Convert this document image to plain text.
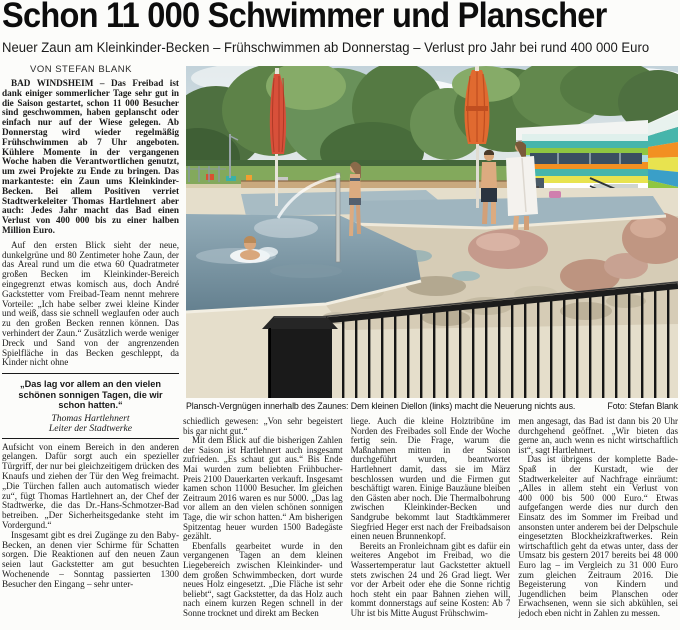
Schon 11 000 Schwimmer und Planscher
Neuer Zaun am Kleinkinder-Becken – Frühschwimmen ab Donnerstag – Verlust pro Jahr bei rund 400 000 Euro
VON STEFAN BLANK

BAD WINDSHEIM – Das Freibad ist dank einiger sommerlicher Tage sehr gut in die Saison gestartet, schon 11 000 Besucher sind geschwommen, haben geplanscht oder einfach nur auf der Wiese gelegen. Ab Donnerstag wird wieder regelmäßig Frühschwimmen ab 7 Uhr angeboten. Kühlere Momente in der vergangenen Woche haben die Verantwortlichen genutzt, um zwei Projekte zu Ende zu bringen. Das markanteste: ein Zaun ums Kleinkinder-Becken. Bei allem Positiven verriet Stadtwerkeleiter Thomas Hartlehnert aber auch: Jedes Jahr macht das Bad einen Verlust von 400 000 bis zu einer halben Million Euro.

Auf den ersten Blick sieht der neue, dunkelgrüne und 80 Zentimeter hohe Zaun, der das Areal rund um die etwa 60 Quadratmeter großen Becken im Kleinkinder-Bereich eingegrenzt etwas komisch aus, doch André Gackstetter vom Freibad-Team nennt mehrere Vorteile: „Ich habe selber zwei kleine Kinder und weiß, dass sie schnell weglaufen oder auch zu den großen Becken rennen können. Das verhindert der Zaun.“ Zusätzlich werde weniger Dreck und Sand von der angrenzenden Spielfläche in das Becken geschleppt, da Kinder nicht ohne

„Das lag vor allem an den vielen schönen sonnigen Tagen, die wir schon hatten.“
Thomas Hartlehnert
Leiter der Stadtwerke

Aufsicht von einem Bereich in den anderen gelangen. Dafür sorgt auch ein spezieller Türgriff, der nur bei gleichzeitigem drücken des Knaufs und ziehen der Tür den Weg freimacht. „Die Türchen fallen auch automatisch wieder zu“, fügt Thomas Hartlehnert an, der Chef der Stadtwerke, die das Dr.-Hans-Schmotzer-Bad betreiben. „Der Sicherheitsgedanke steht im Vordergund.“

Insgesamt gibt es drei Zugänge zu den Baby-Becken, an denen vier Schirme für Schatten sorgen. Die Reaktionen auf den neuen Zaun seien laut Gackstetter am gut besuchten Wochenende – Sonntag passierten 1300 Besucher den Eingang – sehr unter-

Plansch-Vergnügen innerhalb des Zaunes: Dem kleinen Diellon (links) macht die Neuerung nichts aus.	Foto: Stefan Blank

schiedlich gewesen: „Von sehr begeistert bis gar nicht gut.“

Mit dem Blick auf die bisherigen Zahlen der Saison ist Hartlehnert auch insgesamt zufrieden. „Es schaut gut aus.“ Bis Ende Mai wurden zum beliebten Frühbucher-Preis 2100 Dauerkarten verkauft. Insgesamt kamen schon 11000 Besucher. Im gleichen Zeitraum 2016 waren es nur 5000. „Das lag vor allem an den vielen schönen sonnigen Tage, die wir schon hatten.“ Am bisherigen Spitzentag heuer wurden 1500 Badegäste gezählt.

Ebenfalls gearbeitet wurde in den vergangenen Tagen an dem kleinen Liegebereich zwischen Kleinkinder- und dem großen Schwimmbecken, dort wurde neues Holz eingesetzt. „Die Fläche ist sehr beliebt“, sagt Gackstetter, da das Holz auch nach einem kurzen Regen schnell in der Sonne trocknet und direkt am Becken

liege. Auch die kleine Holztribüne im Norden des Freibades soll Ende der Woche fertig sein. Die Frage, warum die Maßnahmen mitten in der Saison durchgeführt wurden, beantwortet Hartlehnert damit, dass sie im März beschlossen wurden und die Firmen gut beschäftigt waren. Einige Bauzäune bleiben den Gästen aber noch. Die Thermalbohrung zwischen Kleinkinder-Becken und Sandgrube bekommt laut Stadtkämmerer Siegfried Heger erst nach der Freibadsaison einen neuen Brunnenkopf.

Bereits an Fronleichnam gibt es dafür ein weiteres Angebot im Freibad, wo die Wassertemperatur laut Gackstetter aktuell stets zwischen 24 und 26 Grad liegt. Wer vor der Arbeit oder ehe die Sonne richtig hoch steht ein paar Bahnen ziehen will, kommt donnerstags auf seine Kosten: Ab 7 Uhr ist bis Mitte August Frühschwim-

men angesagt, das Bad ist dann bis 20 Uhr durchgehend geöffnet. „Wir bieten das gerne an, auch wenn es nicht wirtschaftlich ist“, sagt Hartlehnert.

Das ist übrigens der komplette Bade-Spaß in der Kurstadt, wie der Stadtwerkeleiter auf Nachfrage einräumt: „Alles in allem steht ein Verlust von 400 000 bis 500 000 Euro.“ Etwas aufgefangen werde dies nur durch den Einsatz des im Sommer im Freibad und ansonsten unter anderem bei der Delpschule eingesetzten Blockheizkraftwerkes. Rein wirtschaftlich geht da etwas unter, dass der Umsatz bis gestern 2017 bereits bei 48 000 Euro lag – im Vergleich zu 31 000 Euro zum gleichen Zeitraum 2016. Die Begeisterung von Kindern und Jugendlichen beim Planschen oder Erwachsenen, wenn sie sich abkühlen, sei jedoch eben nicht in Zahlen zu messen.
